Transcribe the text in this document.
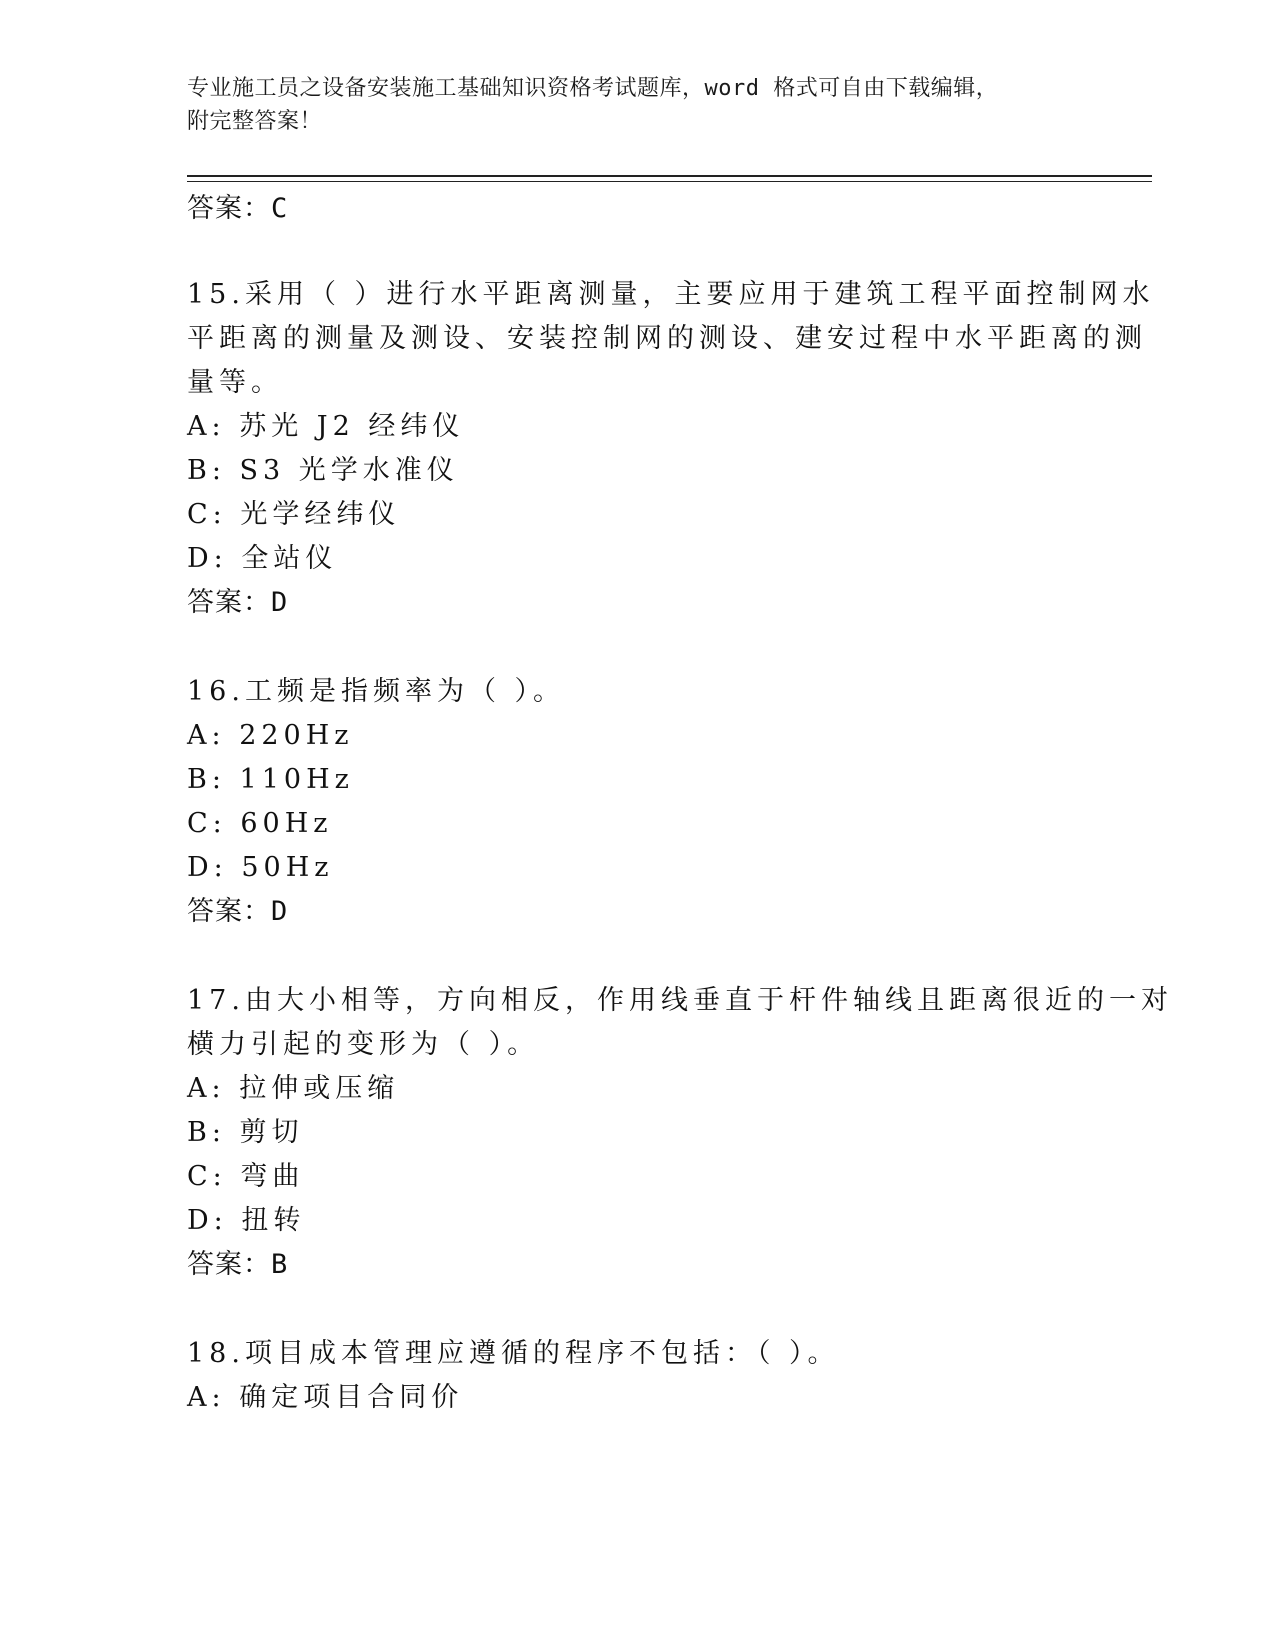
专业施工员之设备安装施工基础知识资格考试题库，word 格式可自由下载编辑，
附完整答案！
答案：C
15.采用（ ）进行水平距离测量，主要应用于建筑工程平面控制网水
平距离的测量及测设、安装控制网的测设、建安过程中水平距离的测
量等。
A: 苏光 J2 经纬仪
B: S3 光学水准仪
C: 光学经纬仪
D: 全站仪
答案：D
16.工频是指频率为（ ）。
A: 220Hz
B: 110Hz
C: 60Hz
D: 50Hz
答案：D
17.由大小相等，方向相反，作用线垂直于杆件轴线且距离很近的一对
横力引起的变形为（ ）。
A: 拉伸或压缩
B: 剪切
C: 弯曲
D: 扭转
答案：B
18.项目成本管理应遵循的程序不包括：（ ）。
A: 确定项目合同价
